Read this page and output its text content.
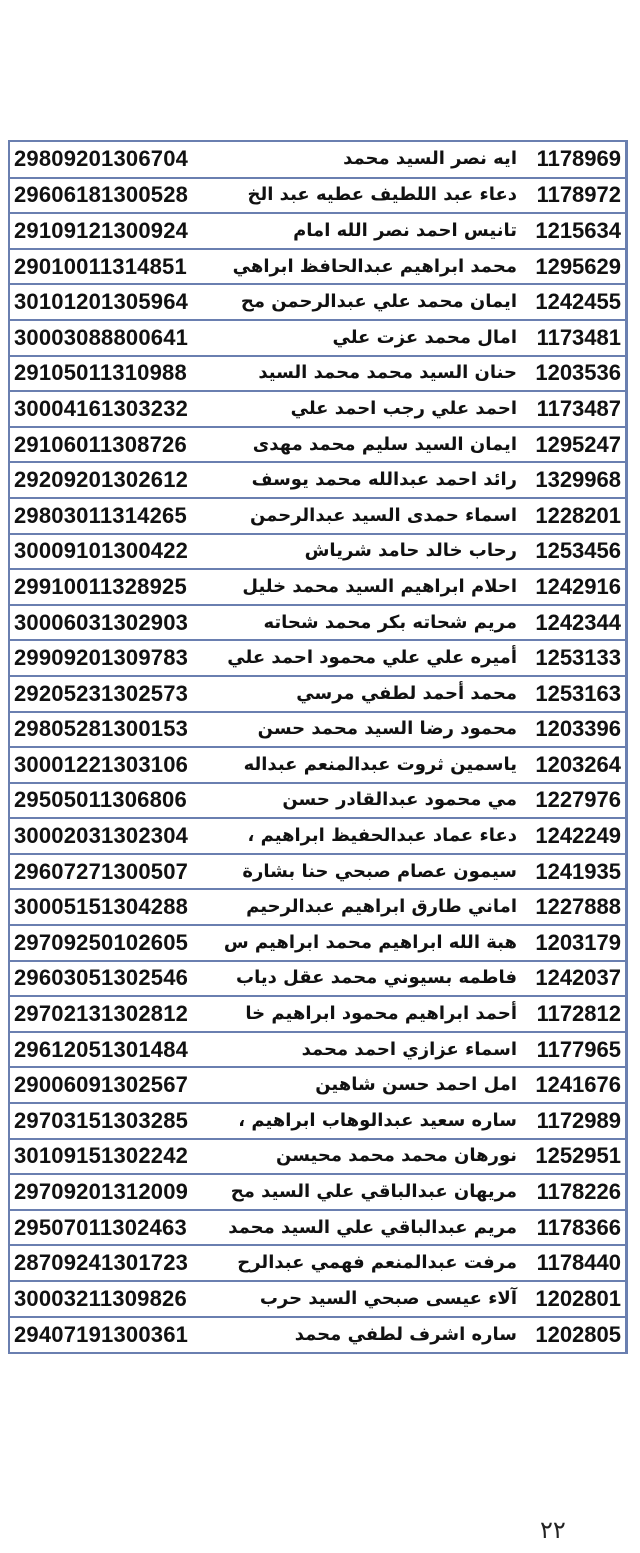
29809201306704	ايه نصر السيد محمد	1178969
29606181300528	دعاء عبد اللطيف عطيه عبد الخ	1178972
29109121300924	تانيس احمد نصر الله امام	1215634
29010011314851	محمد ابراهيم عبدالحافظ ابراهي	1295629
30101201305964	ايمان محمد علي عبدالرحمن مح	1242455
30003088800641	امال محمد عزت علي	1173481
29105011310988	حنان السيد محمد محمد السيد	1203536
30004161303232	احمد علي رجب احمد علي	1173487
29106011308726	ايمان السيد سليم محمد مهدى	1295247
29209201302612	رائد احمد عبدالله محمد يوسف	1329968
29803011314265	اسماء حمدى السيد عبدالرحمن	1228201
30009101300422	رحاب خالد حامد شرياش	1253456
29910011328925	احلام ابراهيم السيد محمد خليل	1242916
30006031302903	مريم شحاته بكر محمد شحاته	1242344
29909201309783	أميره علي علي محمود احمد علي	1253133
29205231302573	محمد أحمد لطفي مرسي	1253163
29805281300153	محمود رضا السيد محمد حسن	1203396
30001221303106	ياسمين ثروت عبدالمنعم عبداله	1203264
29505011306806	مي محمود عبدالقادر حسن	1227976
30002031302304	دعاء عماد عبدالحفيظ ابراهيم ،	1242249
29607271300507	سيمون عصام صبحي حنا بشارة	1241935
30005151304288	اماني طارق ابراهيم عبدالرحيم	1227888
29709250102605	هبة الله ابراهيم محمد ابراهيم س	1203179
29603051302546	فاطمه بسيوني محمد عقل دياب	1242037
29702131302812	أحمد ابراهيم محمود ابراهيم خا	1172812
29612051301484	اسماء عزازي احمد محمد	1177965
29006091302567	امل احمد حسن شاهين	1241676
29703151303285	ساره سعيد عبدالوهاب ابراهيم ،	1172989
30109151302242	نورهان محمد محمد محيسن	1252951
29709201312009	مريهان عبدالباقي علي السيد مح	1178226
29507011302463	مريم عبدالباقي علي السيد محمد	1178366
28709241301723	مرفت عبدالمنعم فهمي عبدالرح	1178440
30003211309826	آلاء عيسى صبحي السيد حرب	1202801
29407191300361	ساره اشرف لطفي محمد	1202805
٢٢
